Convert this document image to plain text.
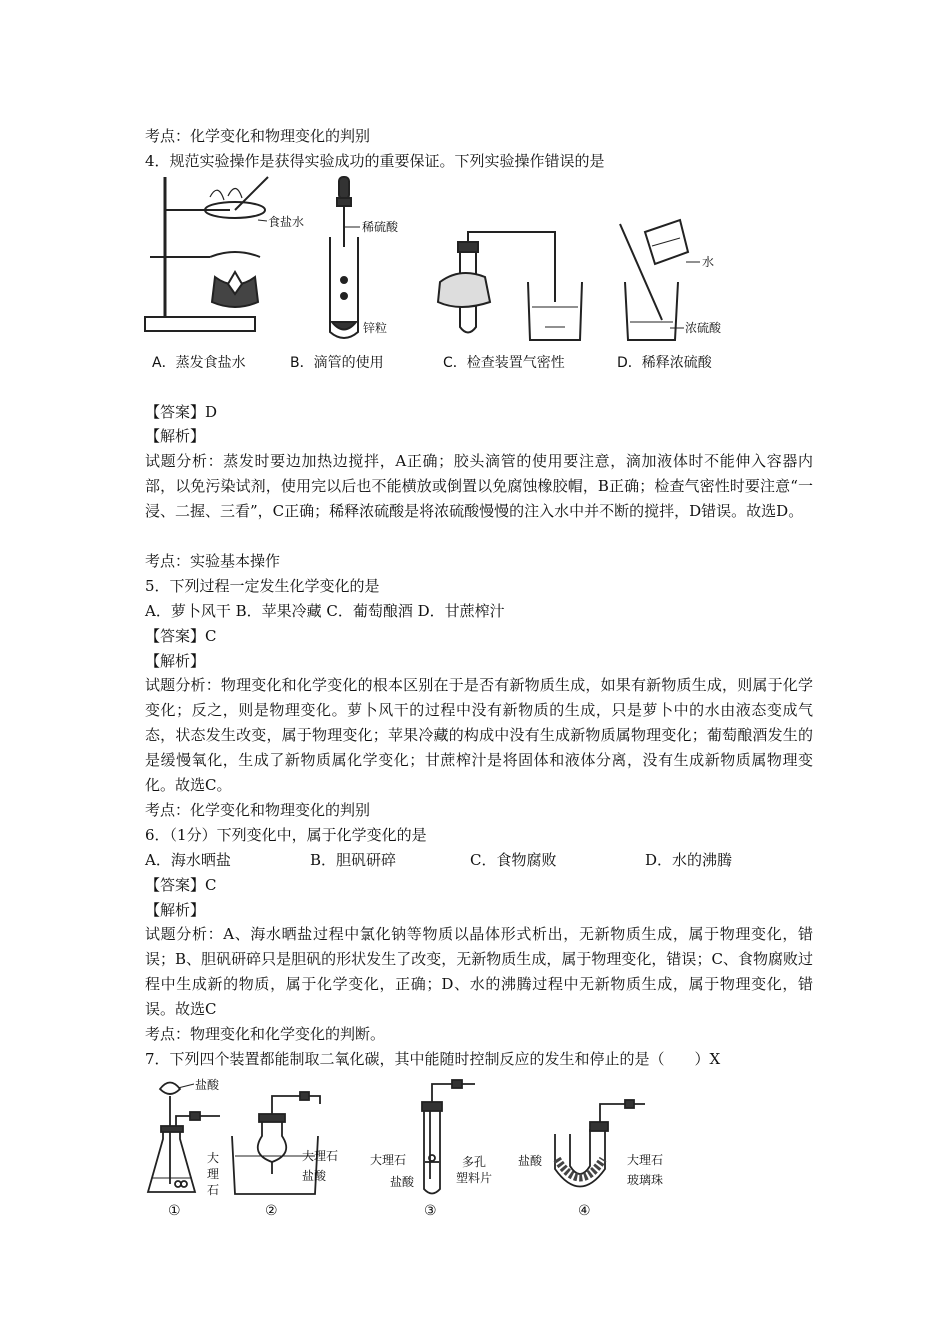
考点：化学变化和物理变化的判别
4．规范实验操作是获得实验成功的重要保证。下列实验操作错误的是
食盐水	稀硫酸
锌粒
水
浓硫酸
A．蒸发食盐水	B．滴管的使用	C．检查装置气密性	D．稀释浓硫酸
【答案】D
【解析】
试题分析：蒸发时要边加热边搅拌，A正确；胶头滴管的使用要注意，滴加液体时不能伸入容器内部，以免污染试剂，使用完以后也不能横放或倒置以免腐蚀橡胶帽，B正确；检查气密性时要注意“一浸、二握、三看”，C正确；稀释浓硫酸是将浓硫酸慢慢的注入水中并不断的搅拌，D错误。故选D。
考点：实验基本操作
5．下列过程一定发生化学变化的是
A．萝卜风干 B．苹果冷藏 C．葡萄酿酒 D．甘蔗榨汁
【答案】C
【解析】
试题分析：物理变化和化学变化的根本区别在于是否有新物质生成，如果有新物质生成，则属于化学变化；反之，则是物理变化。萝卜风干的过程中没有新物质的生成，只是萝卜中的水由液态变成气态，状态发生改变，属于物理变化；苹果冷藏的构成中没有生成新物质属物理变化；葡萄酿酒发生的是缓慢氧化，生成了新物质属化学变化；甘蔗榨汁是将固体和液体分离，没有生成新物质属物理变化。故选C。
考点：化学变化和物理变化的判别
6．（1分）下列变化中，属于化学变化的是
A．海水晒盐	B．胆矾研碎	C．食物腐败	D．水的沸腾
【答案】C
【解析】
试题分析：A、海水晒盐过程中氯化钠等物质以晶体形式析出，无新物质生成，属于物理变化，错误；B、胆矾研碎只是胆矾的形状发生了改变，无新物质生成，属于物理变化，错误；C、食物腐败过程中生成新的物质，属于化学变化，正确；D、水的沸腾过程中无新物质生成，属于物理变化，错误。故选C
考点：物理变化和化学变化的判断。
7．下列四个装置都能制取二氧化碳，其中能随时控制反应的发生和停止的是（　　）X
盐酸
大
理
石
大理石
盐酸
大理石
盐酸
多孔
塑料片
盐酸	大理石
玻璃珠
①	②	③	④
